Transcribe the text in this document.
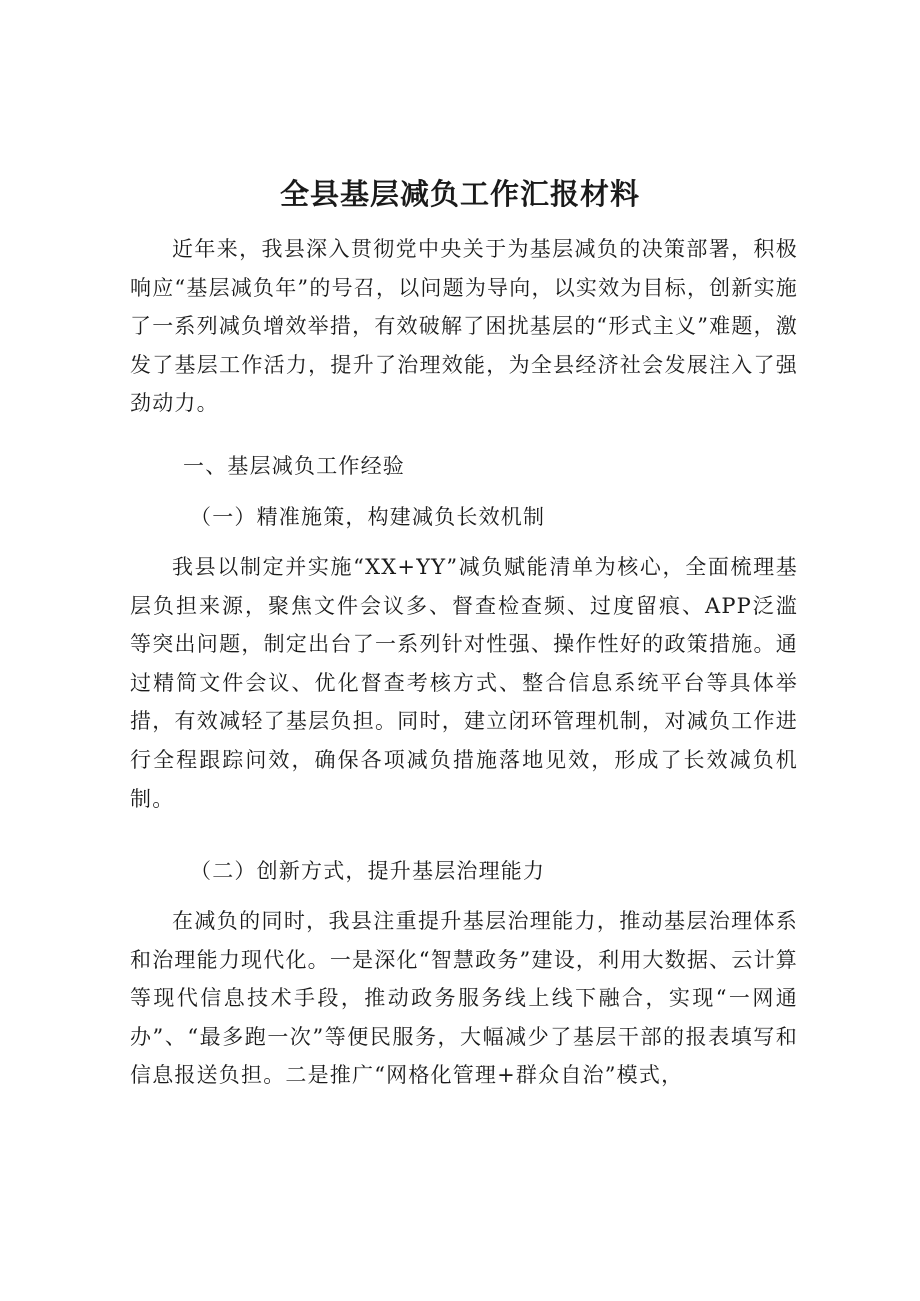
全县基层减负工作汇报材料

近年来，我县深入贯彻党中央关于为基层减负的决策部署，积极响应“基层减负年”的号召，以问题为导向，以实效为目标，创新实施了一系列减负增效举措，有效破解了困扰基层的“形式主义”难题，激发了基层工作活力，提升了治理效能，为全县经济社会发展注入了强劲动力。

一、基层减负工作经验

（一）精准施策，构建减负长效机制

我县以制定并实施“XX+YY”减负赋能清单为核心，全面梳理基层负担来源，聚焦文件会议多、督查检查频、过度留痕、APP泛滥等突出问题，制定出台了一系列针对性强、操作性好的政策措施。通过精简文件会议、优化督查考核方式、整合信息系统平台等具体举措，有效减轻了基层负担。同时，建立闭环管理机制，对减负工作进行全程跟踪问效，确保各项减负措施落地见效，形成了长效减负机制。

（二）创新方式，提升基层治理能力

在减负的同时，我县注重提升基层治理能力，推动基层治理体系和治理能力现代化。一是深化“智慧政务”建设，利用大数据、云计算等现代信息技术手段，推动政务服务线上线下融合，实现“一网通办”、“最多跑一次”等便民服务，大幅减少了基层干部的报表填写和信息报送负担。二是推广“网格化管理+群众自治”模式，
